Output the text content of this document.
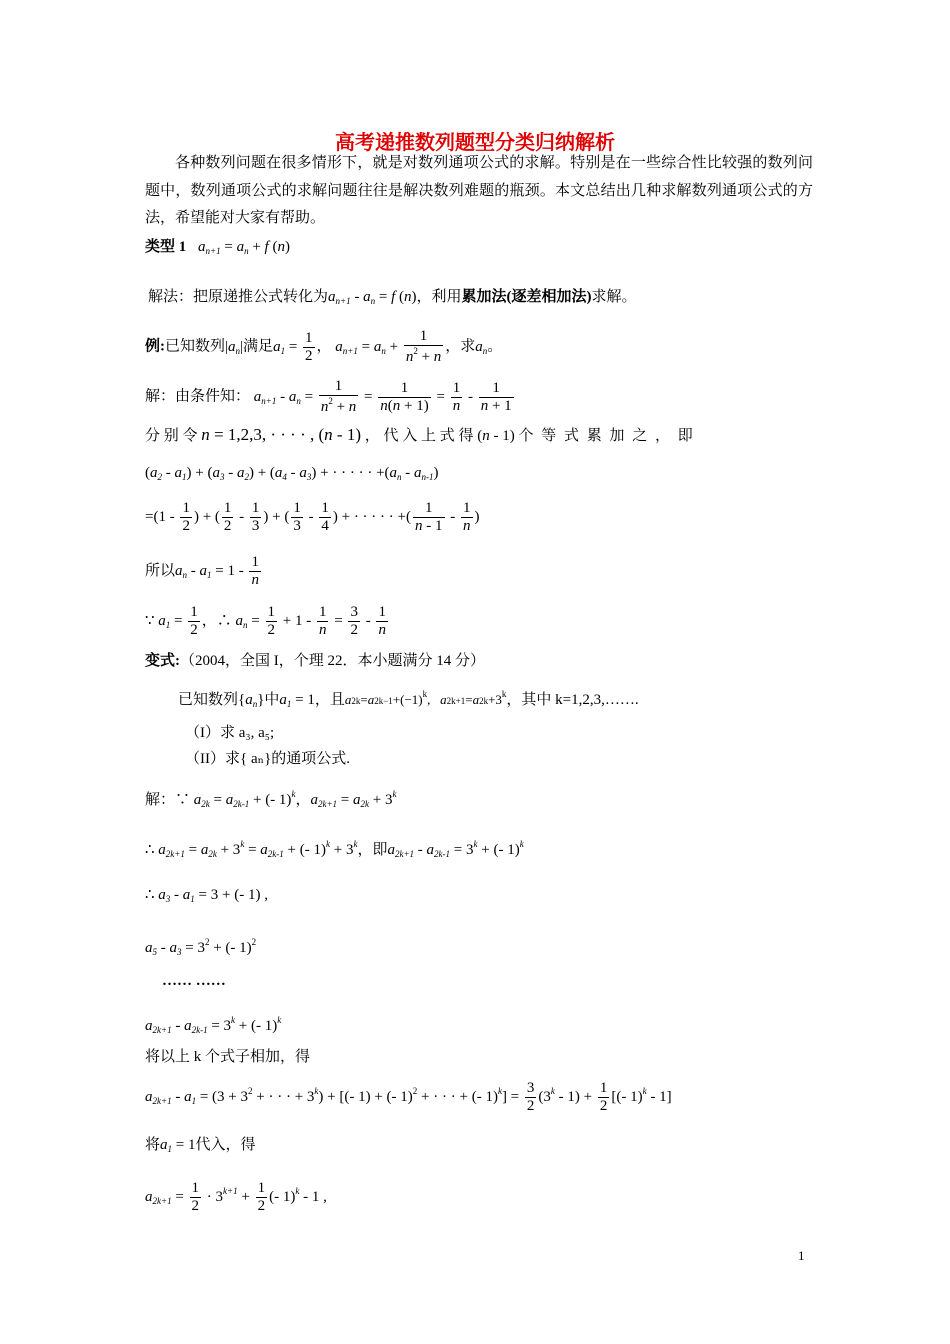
高考递推数列题型分类归纳解析
各种数列问题在很多情形下，就是对数列通项公式的求解。特别是在一些综合性比较强的数列问题中，数列通项公式的求解问题往往是解决数列难题的瓶颈。本文总结出几种求解数列通项公式的方法，希望能对大家有帮助。
类型 1 $a_{n+1} = a_n + f$ (n)
解法：把原递推公式转化为$a_{n+1} - a_n = f$ (n)，利用累加法(逐差相加法)求解。
例:已知数列$|a_n|$满足$a_1 = \frac{1}{2}$ ， $a_{n+1} = a_n + \frac{1}{n^2 + n}$ ，求$a_n$。
解：由条件知： $a_{n+1} - a_n = \frac{1}{n^2 + n} = \frac{1}{n(n + 1)} = \frac{1}{n} - \frac{1}{n + 1}$
分 别 令 n = 1,2,3, · · · · , (n - 1) ， 代 入 上 式 得 (n - 1) 个 等 式 累 加 之 ， 即
$(a_2 - a_1) + (a_3 - a_2) + (a_4 - a_3)$ + · · · · · $+(a_n - a_{n-1})$
$=(1 - \frac{1}{2}$ ) + ( $\frac{1}{2} - \frac{1}{3}$ ) + ( $\frac{1}{3} - \frac{1}{4}$ ) + · · · · · +( $\frac{1}{n - 1} - \frac{1}{n}$ )
所以$a_n - a_1 = 1 - \frac{1}{n}$
∵ $a_1 = \frac{1}{2}$ ，∴ $a_n = \frac{1}{2} + 1 - \frac{1}{n} = \frac{3}{2} - \frac{1}{n}$
变式:（2004，全国 I，个理 22．本小题满分 14 分）
已知数列$\{a_n\}$中$a_1 = 1$，且$a2k=a2k-1+(-1)^k$,   $a2k+1=a2k+3^k$，其中 k=1,2,3,…….
（I）求 a₃, a₅;
（II）求{ aₙ}的通项公式.
解：∵ $a_{2k} = a_{2k-1}$ + (- 1)$^k$，$a_{2k+1} = a_{2k} + 3^k$
∴ $a_{2k+1} = a_{2k} + 3^k = a_{2k-1}$ + (- $1)^k + 3^k$，即$a_{2k+1} - a_{2k-1} = 3^k$ + (- 1)$^k$
∴ $a_3 - a_1 = 3$ + (- 1) ,
$a_5 - a_3 = 3^2$ + (- 1)$^2$
…… ……
$a_{2k+1} - a_{2k-1} = 3^k$ + (- 1)$^k$
将以上 k 个式子相加，得
$a_{2k+1} - a_1 = (3 + 3^2$ + · · · + $3^k$) + [(- 1) + (- 1)$^2$ + · · · + (- $1)^k] = \frac{3}{2} (3^k - 1) + \frac{1}{2}$ [(- 1)$^k$ - 1]
将$a_1 = 1$代入，得
$a_{2k+1} = \frac{1}{2} \cdot 3^{k+1} + \frac{1}{2}$ (- 1)$^k$ - 1 ,
1
